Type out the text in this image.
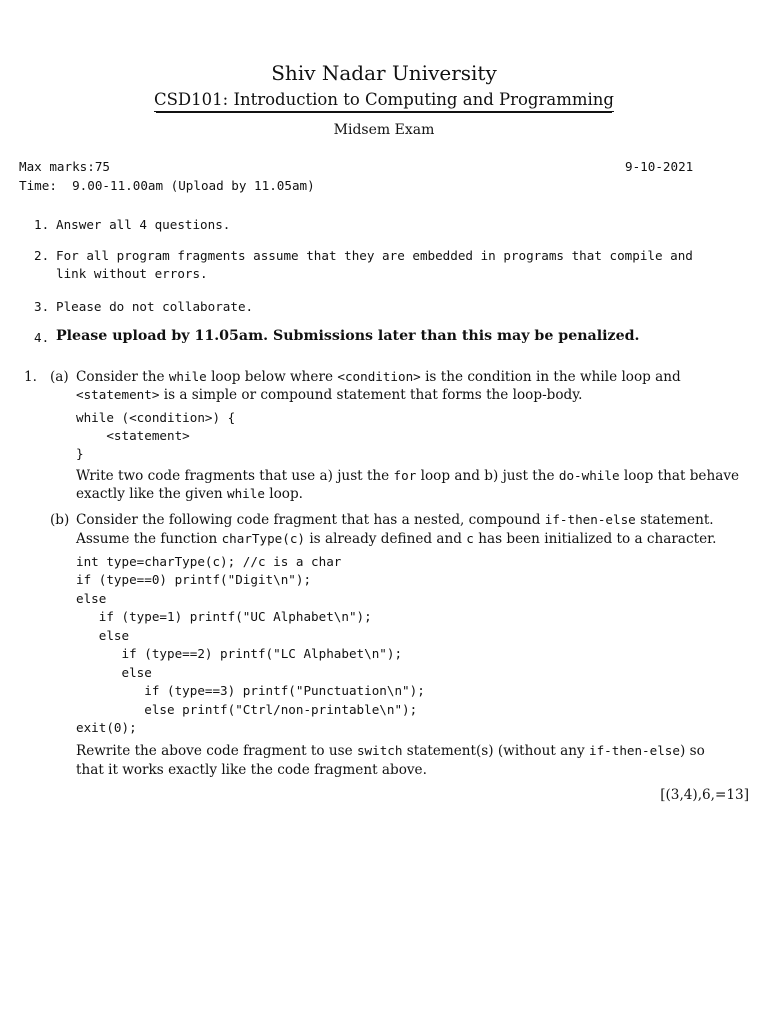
Shiv Nadar University
CSD101: Introduction to Computing and Programming
Midsem Exam
Max marks:75	9-10-2021
Time:  9.00-11.00am (Upload by 11.05am)
1. Answer all 4 questions.
2. For all program fragments assume that they are embedded in programs that compile and
link without errors.
3. Please do not collaborate.
4. Please upload by 11.05am. Submissions later than this may be penalized.
1. (a) Consider the while loop below where <condition> is the condition in the while loop and
<statement> is a simple or compound statement that forms the loop-body.
while (<condition>) {
<statement>
}
Write two code fragments that use a) just the for loop and b) just the do-while loop that behave
exactly like the given while loop.
(b) Consider the following code fragment that has a nested, compound if-then-else statement.
Assume the function charType(c) is already defined and c has been initialized to a character.
int type=charType(c); //c is a char
if (type==0) printf("Digit\n");
else
if (type=1) printf("UC Alphabet\n");
else
if (type==2) printf("LC Alphabet\n");
else
if (type==3) printf("Punctuation\n");
else printf("Ctrl/non-printable\n");
exit(0);
Rewrite the above code fragment to use switch statement(s) (without any if-then-else) so
that it works exactly like the code fragment above.
[(3,4),6,=13]
